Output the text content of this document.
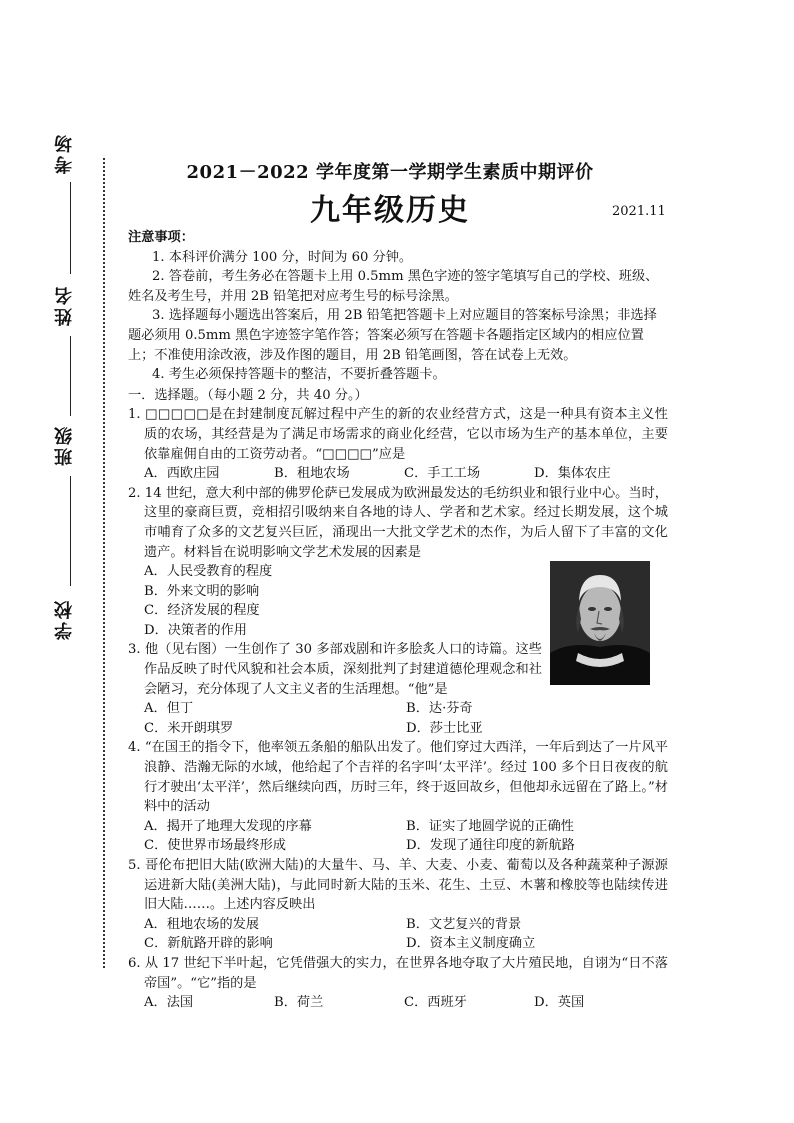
考场
姓名
班级
学校
2021－2022 学年度第一学期学生素质中期评价
九年级历史	2021.11
注意事项：
1. 本科评价满分 100 分，时间为 60 分钟。
2. 答卷前，考生务必在答题卡上用 0.5mm 黑色字迹的签字笔填写自己的学校、班级、姓名及考生号，并用 2B 铅笔把对应考生号的标号涂黑。
3. 选择题每小题选出答案后，用 2B 铅笔把答题卡上对应题目的答案标号涂黑；非选择题必须用 0.5mm 黑色字迹签字笔作答；答案必须写在答题卡各题指定区域内的相应位置上；不准使用涂改液，涉及作图的题目，用 2B 铅笔画图，答在试卷上无效。
4. 考生必须保持答题卡的整洁，不要折叠答题卡。
一．选择题。（每小题 2 分，共 40 分。）
1. □□□□□是在封建制度瓦解过程中产生的新的农业经营方式，这是一种具有资本主义性质的农场，其经营是为了满足市场需求的商业化经营，它以市场为生产的基本单位，主要依靠雇佣自由的工资劳动者。“□□□□”应是
A．西欧庄园	B．租地农场	C．手工工场	D．集体农庄
2. 14 世纪，意大利中部的佛罗伦萨已发展成为欧洲最发达的毛纺织业和银行业中心。当时，这里的豪商巨贾，竞相招引吸纳来自各地的诗人、学者和艺术家。经过长期发展，这个城市哺育了众多的文艺复兴巨匠，涌现出一大批文学艺术的杰作，为后人留下了丰富的文化遗产。材料旨在说明影响文学艺术发展的因素是
A．人民受教育的程度
B．外来文明的影响
C．经济发展的程度
D．决策者的作用
3. 他（见右图）一生创作了 30 多部戏剧和许多脍炙人口的诗篇。这些作品反映了时代风貌和社会本质，深刻批判了封建道德伦理观念和社会陋习，充分体现了人文主义者的生活理想。“他”是
A．但丁	B．达·芬奇
C．米开朗琪罗	D．莎士比亚
4. “在国王的指令下，他率领五条船的船队出发了。他们穿过大西洋，一年后到达了一片风平浪静、浩瀚无际的水域，他给起了个吉祥的名字叫‘太平洋’。经过 100 多个日日夜夜的航行才驶出‘太平洋’，然后继续向西，历时三年，终于返回故乡，但他却永远留在了路上。”材料中的活动
A．揭开了地理大发现的序幕	B．证实了地圆学说的正确性
C．使世界市场最终形成	D．发现了通往印度的新航路
5. 哥伦布把旧大陆(欧洲大陆)的大量牛、马、羊、大麦、小麦、葡萄以及各种蔬菜种子源源运进新大陆(美洲大陆)，与此同时新大陆的玉米、花生、土豆、木薯和橡胶等也陆续传进旧大陆……。上述内容反映出
A．租地农场的发展	B．文艺复兴的背景
C．新航路开辟的影响	D．资本主义制度确立
6. 从 17 世纪下半叶起，它凭借强大的实力，在世界各地夺取了大片殖民地，自诩为“日不落帝国”。“它”指的是
A．法国	B．荷兰	C．西班牙	D．英国
